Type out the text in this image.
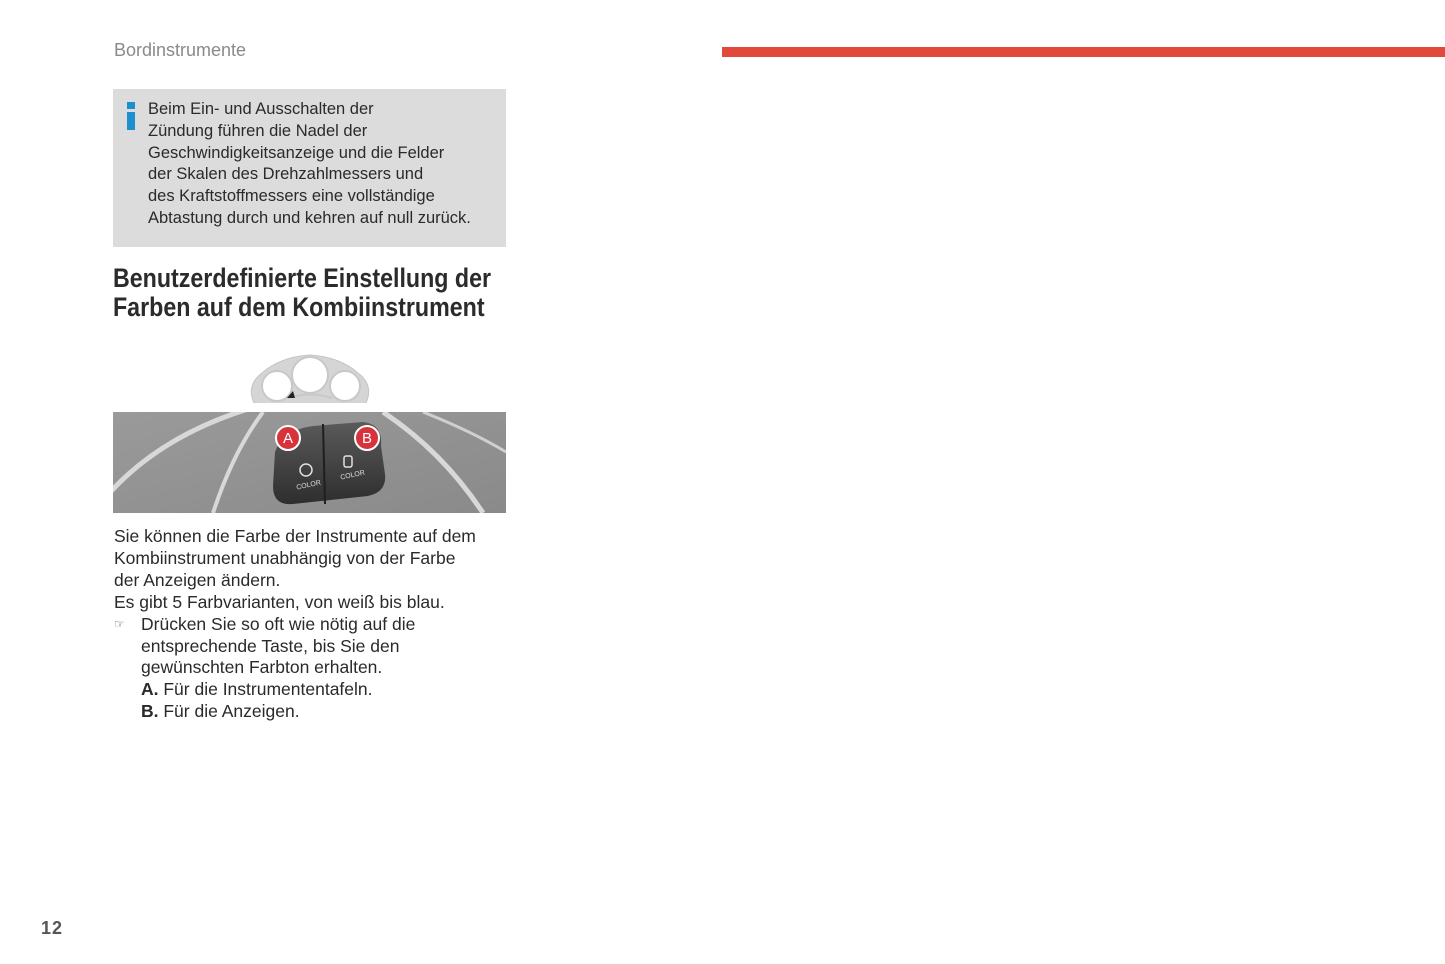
Bordinstrumente
Beim Ein- und Ausschalten der
Zündung führen die Nadel der
Geschwindigkeitsanzeige und die Felder
der Skalen des Drehzahlmessers und
des Kraftstoffmessers eine vollständige
Abtastung durch und kehren auf null zurück.
Benutzerdefinierte Einstellung der
Farben auf dem Kombiinstrument
A	B
COLOR
COLOR
Sie können die Farbe der Instrumente auf dem
Kombiinstrument unabhängig von der Farbe
der Anzeigen ändern.
Es gibt 5 Farbvarianten, von weiß bis blau.
Drücken Sie so oft wie nötig auf die
entsprechende Taste, bis Sie den
gewünschten Farbton erhalten.
A. Für die Instrumententafeln.
B. Für die Anzeigen.
☞
12
